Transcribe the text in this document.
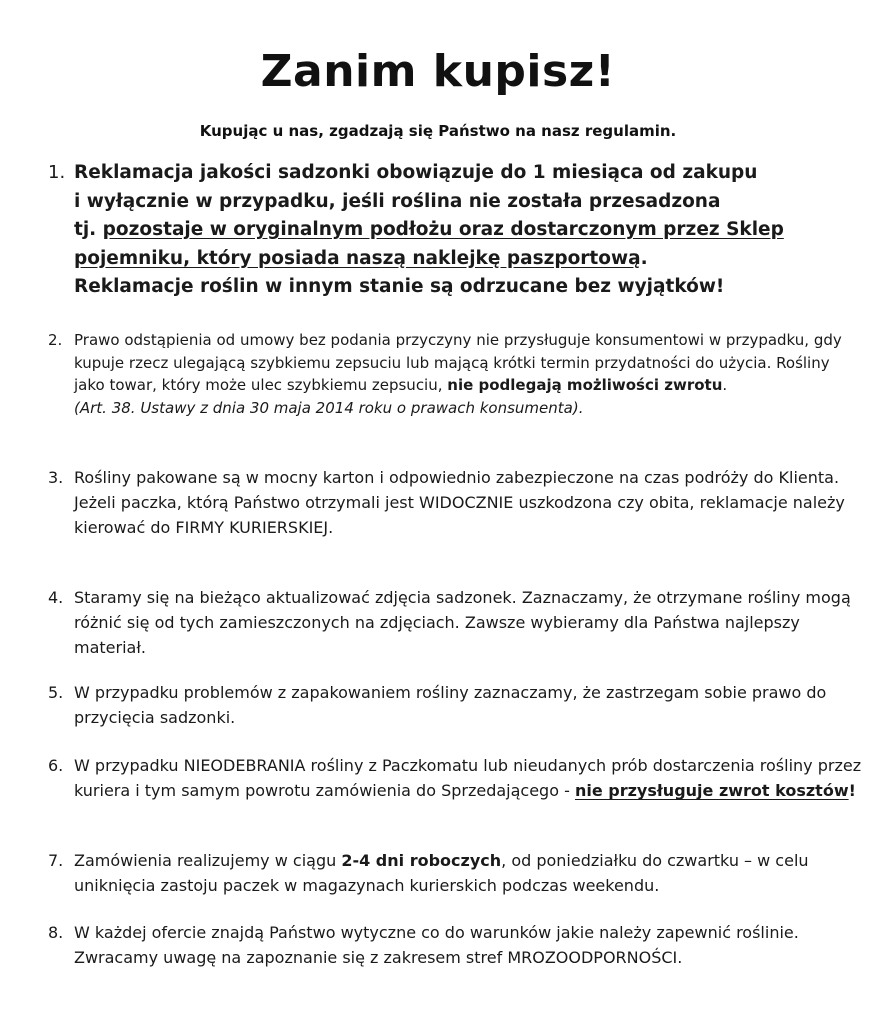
Zanim kupisz!
Kupując u nas, zgadzają się Państwo na nasz regulamin.
1. Reklamacja jakości sadzonki obowiązuje do 1 miesiąca od zakupu

i wyłącznie w przypadku, jeśli roślina nie została przesadzona

tj. pozostaje w oryginalnym podłożu oraz dostarczonym przez Sklep

pojemniku, który posiada naszą naklejkę paszportową.

Reklamacje roślin w innym stanie są odrzucane bez wyjątków!

2. Prawo odstąpienia od umowy bez podania przyczyny nie przysługuje konsumentowi w przypadku, gdy kupuje rzecz ulegającą szybkiemu zepsuciu lub mającą krótki termin przydatności do użycia. Rośliny jako towar, który może ulec szybkiemu zepsuciu, nie podlegają możliwości zwrotu.

(Art. 38. Ustawy z dnia 30 maja 2014 roku o prawach konsumenta).

3. Rośliny pakowane są w mocny karton i odpowiednio zabezpieczone na czas podróży do Klienta.

Jeżeli paczka, którą Państwo otrzymali jest WIDOCZNIE uszkodzona czy obita, reklamacje należy kierować do FIRMY KURIERSKIEJ.

4. Staramy się na bieżąco aktualizować zdjęcia sadzonek. Zaznaczamy, że otrzymane rośliny mogą różnić się od tych zamieszczonych na zdjęciach. Zawsze wybieramy dla Państwa najlepszy materiał.

5. W przypadku problemów z zapakowaniem rośliny zaznaczamy, że zastrzegam sobie prawo do przycięcia sadzonki.

6. W przypadku NIEODEBRANIA rośliny z Paczkomatu lub nieudanych prób dostarczenia rośliny przez kuriera i tym samym powrotu zamówienia do Sprzedającego - nie przysługuje zwrot kosztów!

7. Zamówienia realizujemy w ciągu 2-4 dni roboczych, od poniedziałku do czwartku – w celu uniknięcia zastoju paczek w magazynach kurierskich podczas weekendu.

8. W każdej ofercie znajdą Państwo wytyczne co do warunków jakie należy zapewnić roślinie. Zwracamy uwagę na zapoznanie się z zakresem stref MROZOODPORNOŚCI.
